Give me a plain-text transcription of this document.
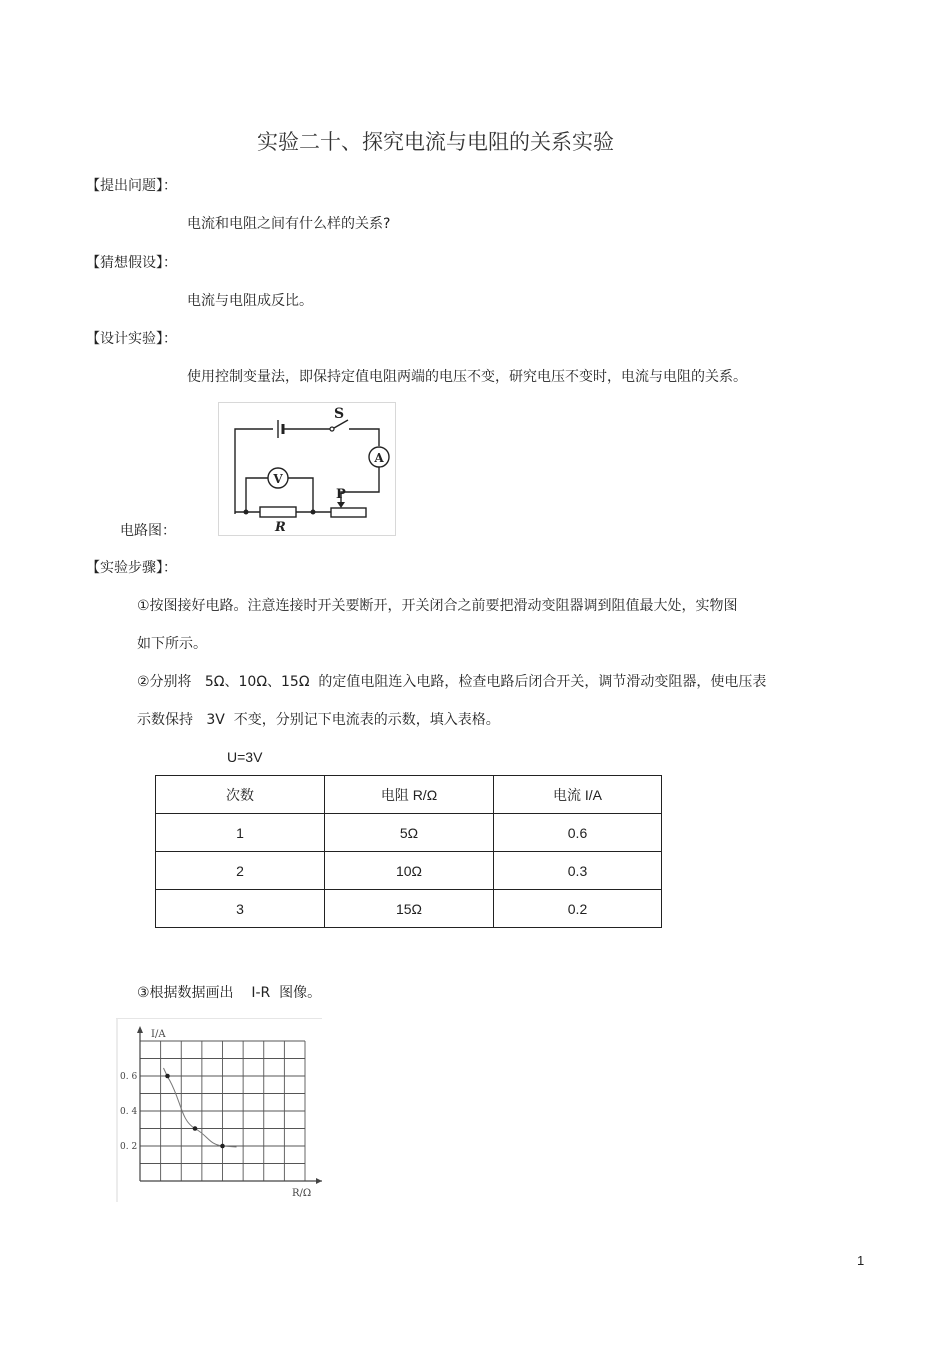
实验二十、探究电流与电阻的关系实验
【提出问题】：
电流和电阻之间有什么样的关系?
【猜想假设】：
电流与电阻成反比。
【设计实验】：
使用控制变量法，即保持定值电阻两端的电压不变，研究电压不变时，电流与电阻的关系。
电路图：
S
A
P
R
V
【实验步骤】：
①按图接好电路。注意连接时开关要断开，开关闭合之前要把滑动变阻器调到阻值最大处，实物图
如下所示。
②分别将   5Ω、10Ω、15Ω  的定值电阻连入电路，检查电路后闭合开关，调节滑动变阻器，使电压表
示数保持   3V  不变，分别记下电流表的示数，填入表格。
U=3V
次数	电阻 R/Ω	电流 I/A
1	5Ω	0.6
2	10Ω	0.3
3	15Ω	0.2
③根据数据画出    I-R  图像。
I/A
R/Ω
0. 6
0. 4
0. 2
1
